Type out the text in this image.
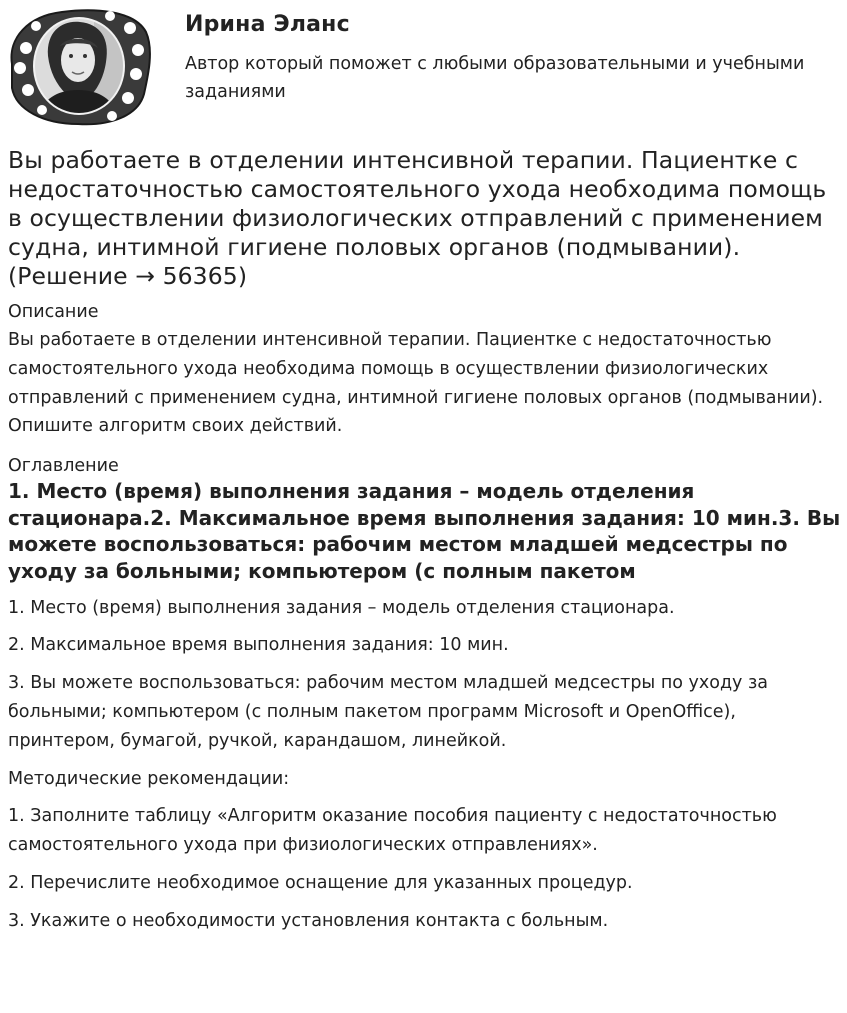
Ирина Эланс
Автор который поможет с любыми образовательными и учебными заданиями
Вы работаете в отделении интенсивной терапии. Пациентке с недостаточностью самостоятельного ухода необходима помощь в осуществлении физиологических отправлений с применением судна, интимной гигиене половых органов (подмывании). (Решение → 56365)
Описание

Вы работаете в отделении интенсивной терапии. Пациентке с недостаточностью самостоятельного ухода необходима помощь в осуществлении физиологических отправлений с применением судна, интимной гигиене половых органов (подмывании). Опишите алгоритм своих действий.

Оглавление
1. Место (время) выполнения задания – модель отделения стационара.2. Максимальное время выполнения задания: 10 мин.3. Вы можете воспользоваться: рабочим местом младшей медсестры по уходу за больными; компьютером (с полным пакетом

1. Место (время) выполнения задания – модель отделения стационара.

2. Максимальное время выполнения задания: 10 мин.

3. Вы можете воспользоваться: рабочим местом младшей медсестры по уходу за больными; компьютером (с полным пакетом программ Microsoft и OpenOffice), принтером, бумагой, ручкой, карандашом, линейкой.

Методические рекомендации:

1. Заполните таблицу «Алгоритм оказание пособия пациенту с недостаточностью самостоятельного ухода при физиологических отправлениях».

2. Перечислите необходимое оснащение для указанных процедур.

3. Укажите о необходимости установления контакта с больным.
